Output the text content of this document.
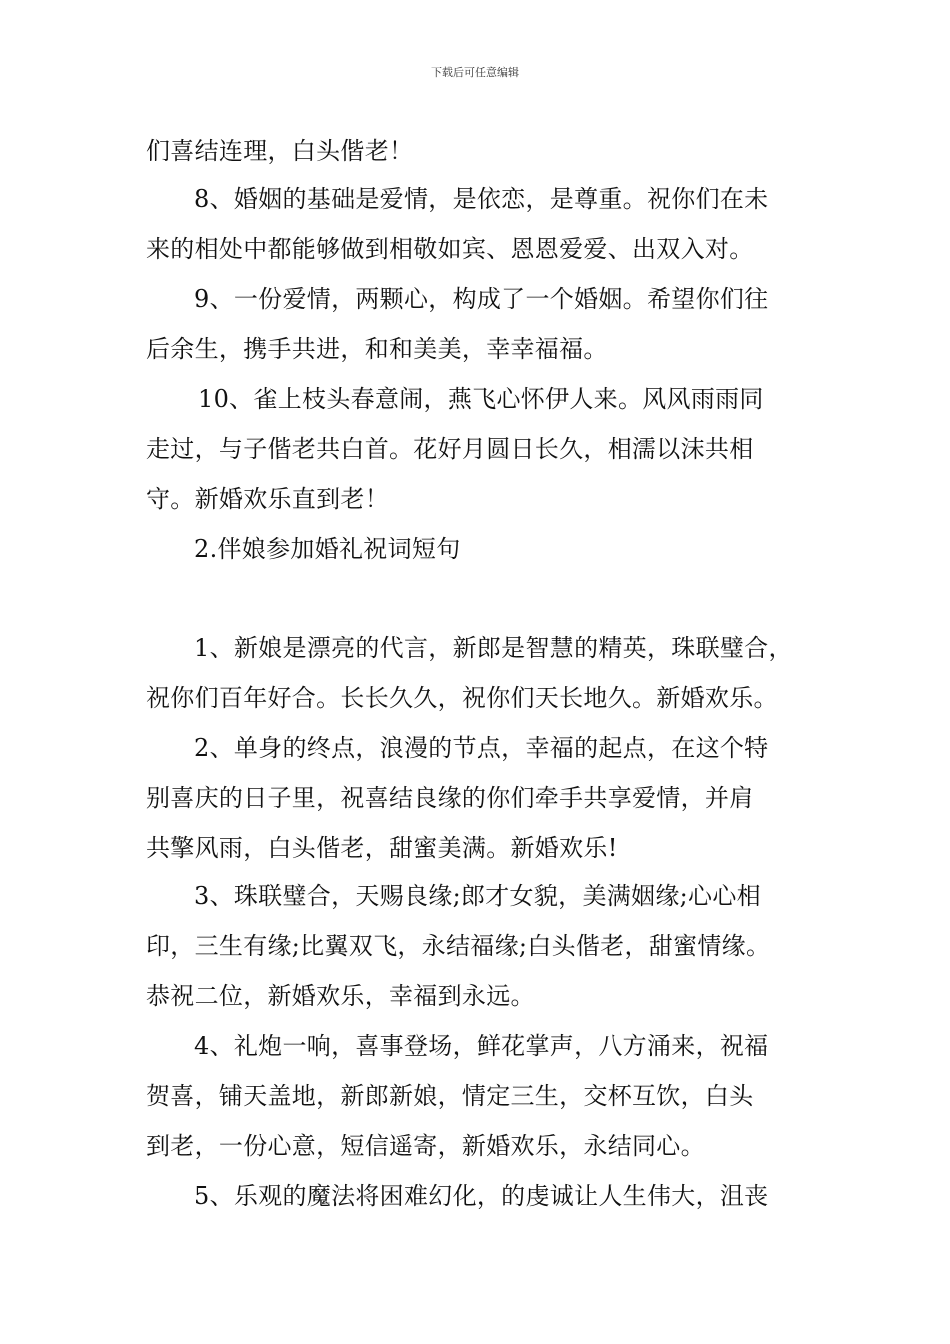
下载后可任意编辑
们喜结连理，白头偕老！
8、婚姻的基础是爱情，是依恋，是尊重。祝你们在未
来的相处中都能够做到相敬如宾、恩恩爱爱、出双入对。
9、一份爱情，两颗心，构成了一个婚姻。希望你们往
后余生，携手共进，和和美美，幸幸福福。
10、雀上枝头春意闹，燕飞心怀伊人来。风风雨雨同
走过，与子偕老共白首。花好月圆日长久，相濡以沫共相
守。新婚欢乐直到老！
2.伴娘参加婚礼祝词短句
1、新娘是漂亮的代言，新郎是智慧的精英，珠联璧合，
祝你们百年好合。长长久久，祝你们天长地久。新婚欢乐。
2、单身的终点，浪漫的节点，幸福的起点，在这个特
别喜庆的日子里，祝喜结良缘的你们牵手共享爱情，并肩
共擎风雨，白头偕老，甜蜜美满。新婚欢乐!
3、珠联璧合，天赐良缘;郎才女貌，美满姻缘;心心相
印，三生有缘;比翼双飞，永结福缘;白头偕老，甜蜜情缘。
恭祝二位，新婚欢乐，幸福到永远。
4、礼炮一响，喜事登场，鲜花掌声，八方涌来，祝福
贺喜，铺天盖地，新郎新娘，情定三生，交杯互饮，白头
到老，一份心意，短信遥寄，新婚欢乐，永结同心。
5、乐观的魔法将困难幻化，的虔诚让人生伟大，沮丧
